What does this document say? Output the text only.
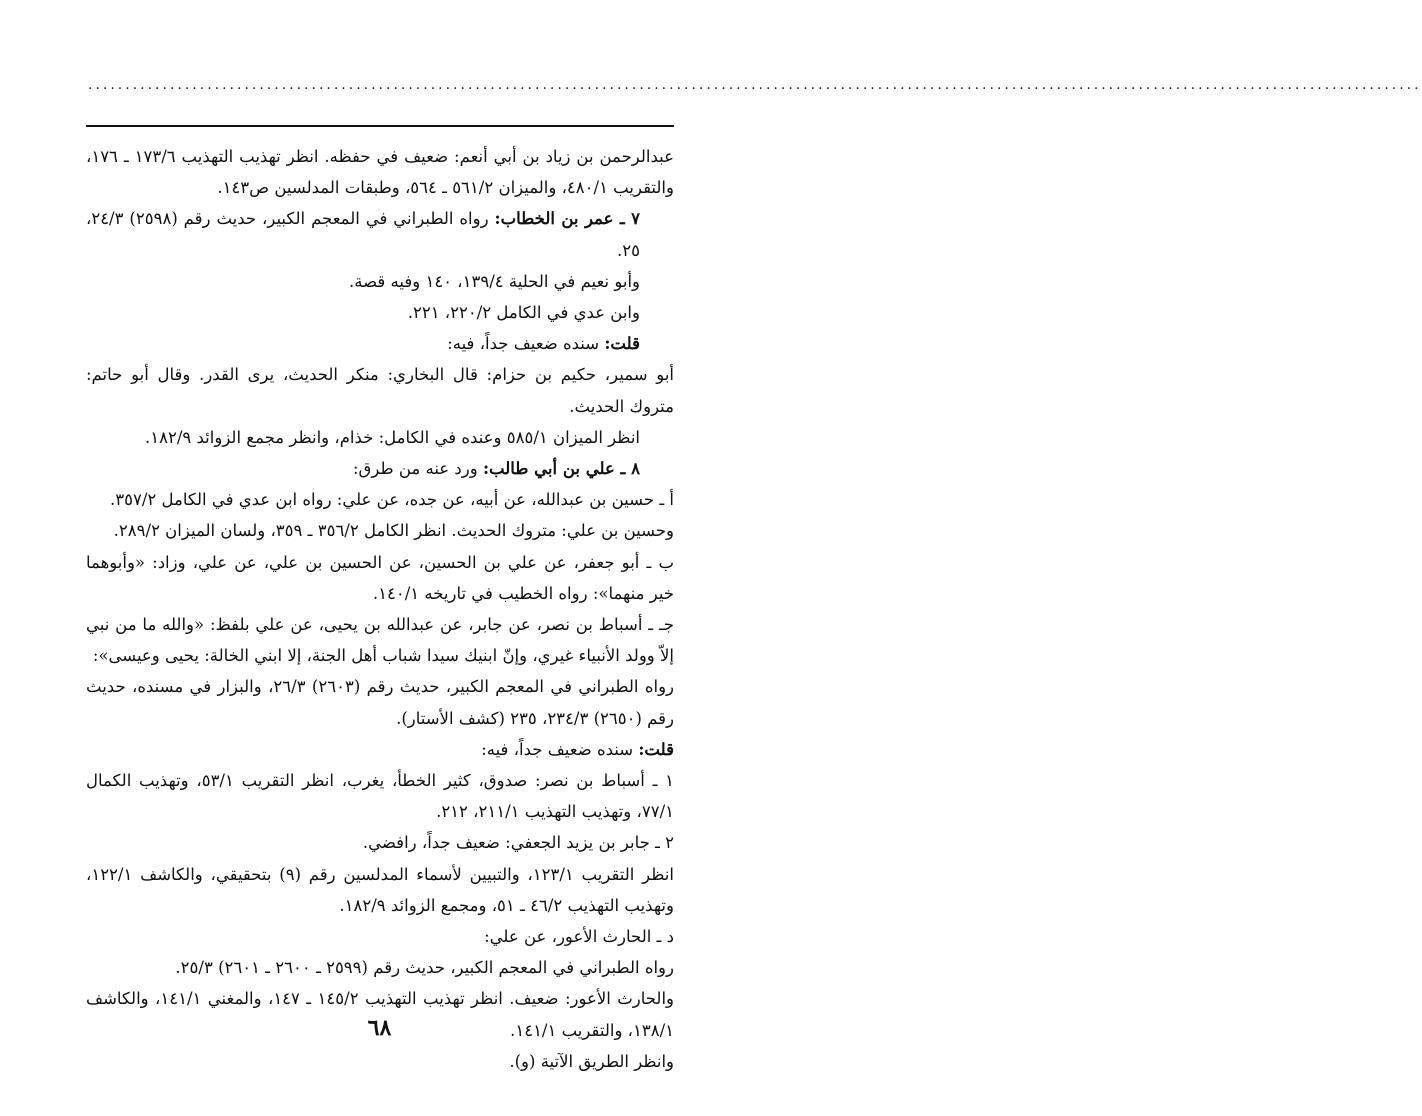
...................................................................................................................................................................................

عبدالرحمن بن زياد بن أبي أنعم: ضعيف في حفظه. انظر تهذيب التهذيب ١٧٣/٦ ـ ١٧٦، والتقريب ٤٨٠/١، والميزان ٥٦١/٢ ـ ٥٦٤، وطبقات المدلسين ص١٤٣.

٧ ـ عمر بن الخطاب: رواه الطبراني في المعجم الكبير، حديث رقم (٢٥٩٨) ٢٤/٣، ٢٥.

وأبو نعيم في الحلية ١٣٩/٤، ١٤٠ وفيه قصة.

وابن عدي في الكامل ٢٢٠/٢، ٢٢١.

قلت: سنده ضعيف جداً، فيه:

أبو سمير، حكيم بن حزام: قال البخاري: منكر الحديث، يرى القدر. وقال أبو حاتم: متروك الحديث.

انظر الميزان ٥٨٥/١ وعنده في الكامل: خذام، وانظر مجمع الزوائد ١٨٢/٩.

٨ ـ علي بن أبي طالب: ورد عنه من طرق:

أ ـ حسين بن عبدالله، عن أبيه، عن جده، عن علي: رواه ابن عدي في الكامل ٣٥٧/٢.

وحسين بن علي: متروك الحديث. انظر الكامل ٣٥٦/٢ ـ ٣٥٩، ولسان الميزان ٢٨٩/٢.

ب ـ أبو جعفر، عن علي بن الحسين، عن الحسين بن علي، عن علي، وزاد: «وأبوهما خير منهما»: رواه الخطيب في تاريخه ١٤٠/١.

جـ ـ أسباط بن نصر، عن جابر، عن عبدالله بن يحيى، عن علي بلفظ: «والله ما من نبي إلاّ وولد الأنبياء غيري، وإنّ ابنيك سيدا شباب أهل الجنة، إلا ابني الخالة: يحيى وعيسى»:

رواه الطبراني في المعجم الكبير، حديث رقم (٢٦٠٣) ٢٦/٣، والبزار في مسنده، حديث رقم (٢٦٥٠) ٢٣٤/٣، ٢٣٥ (كشف الأستار).

قلت: سنده ضعيف جداً، فيه:

١ ـ أسباط بن نصر: صدوق، كثير الخطأ، يغرب، انظر التقريب ٥٣/١، وتهذيب الكمال ٧٧/١، وتهذيب التهذيب ٢١١/١، ٢١٢.

٢ ـ جابر بن يزيد الجعفي: ضعيف جداً، رافضي.

انظر التقريب ١٢٣/١، والتبيين لأسماء المدلسين رقم (٩) بتحقيقي، والكاشف ١٢٢/١، وتهذيب التهذيب ٤٦/٢ ـ ٥١، ومجمع الزوائد ١٨٢/٩.

د ـ الحارث الأعور، عن علي:

رواه الطبراني في المعجم الكبير، حديث رقم (٢٥٩٩ ـ ٢٦٠٠ ـ ٢٦٠١) ٢٥/٣.

والحارث الأعور: ضعيف. انظر تهذيب التهذيب ١٤٥/٢ ـ ١٤٧، والمغني ١٤١/١، والكاشف ١٣٨/١، والتقريب ١٤١/١.

وانظر الطريق الآتية (و).

٦٨
